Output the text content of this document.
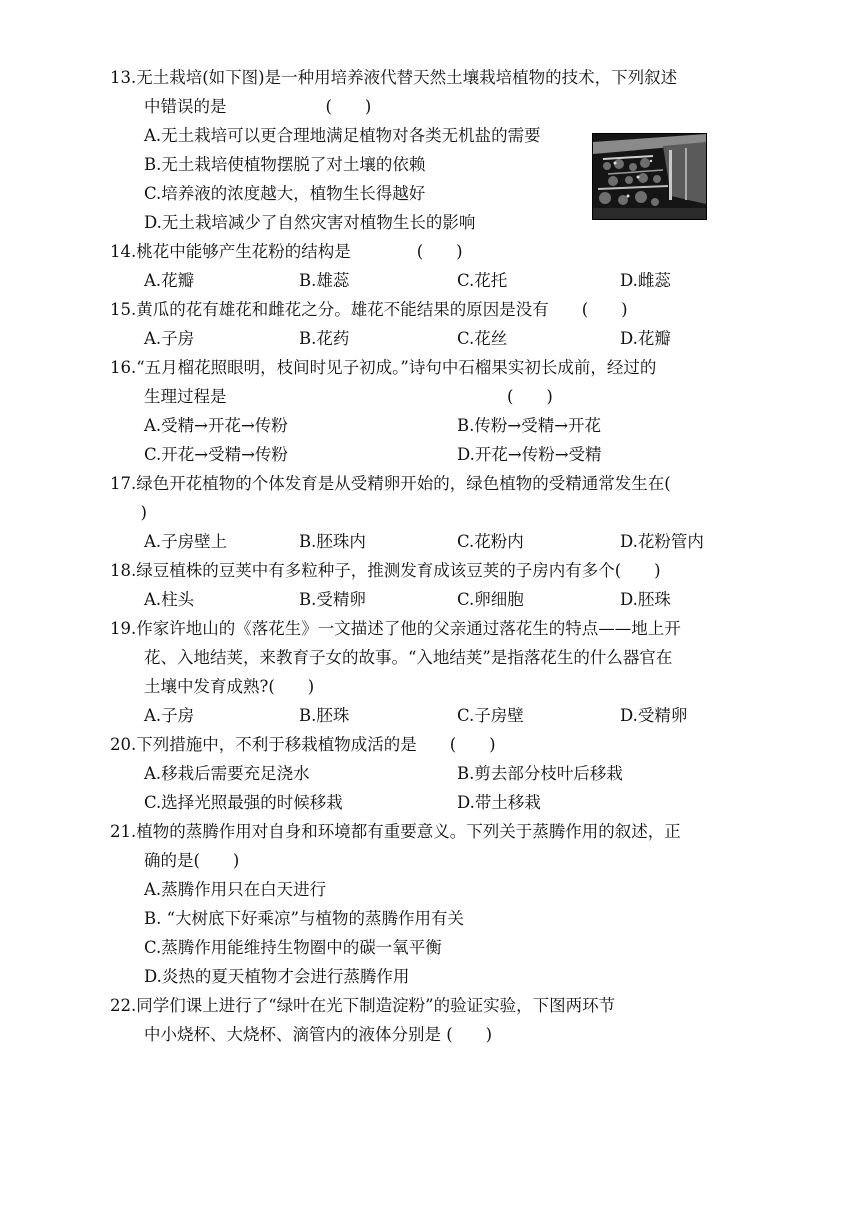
13.无土栽培(如下图)是一种用培养液代替天然土壤栽培植物的技术，下列叙述
中错误的是　　　　　　(　　)
A.无土栽培可以更合理地满足植物对各类无机盐的需要
B.无土栽培使植物摆脱了对土壤的依赖
C.培养液的浓度越大，植物生长得越好
D.无土栽培减少了自然灾害对植物生长的影响
14.桃花中能够产生花粉的结构是　　　　(　　)
A.花瓣	B.雄蕊	C.花托	D.雌蕊
15.黄瓜的花有雄花和雌花之分。雄花不能结果的原因是没有　　(　　)
A.子房	B.花药	C.花丝	D.花瓣
16.“五月榴花照眼明，枝间时见子初成。”诗句中石榴果实初长成前，经过的
生理过程是　　　　　　　　　　　　　　　　　(　　)
A.受精→开花→传粉	B.传粉→受精→开花
C.开花→受精→传粉	D.开花→传粉→受精
17.绿色开花植物的个体发育是从受精卵开始的，绿色植物的受精通常发生在(
　)
A.子房壁上	B.胚珠内	C.花粉内	D.花粉管内
18.绿豆植株的豆荚中有多粒种子，推测发育成该豆荚的子房内有多个(　　)
A.柱头	B.受精卵	C.卵细胞	D.胚珠
19.作家许地山的《落花生》一文描述了他的父亲通过落花生的特点——地上开
花、入地结荚，来教育子女的故事。“入地结荚”是指落花生的什么器官在
土壤中发育成熟?(　　)
A.子房	B.胚珠	C.子房壁	D.受精卵
20.下列措施中，不利于移栽植物成活的是　　(　　)
A.移栽后需要充足浇水	B.剪去部分枝叶后移栽
C.选择光照最强的时候移栽	D.带土移栽
21.植物的蒸腾作用对自身和环境都有重要意义。下列关于蒸腾作用的叙述，正
确的是(　　)
A.蒸腾作用只在白天进行
B. “大树底下好乘凉”与植物的蒸腾作用有关
C.蒸腾作用能维持生物圈中的碳一氧平衡
D.炎热的夏天植物才会进行蒸腾作用
22.同学们课上进行了“绿叶在光下制造淀粉”的验证实验，下图两环节
中小烧杯、大烧杯、滴管内的液体分别是 (　　)
